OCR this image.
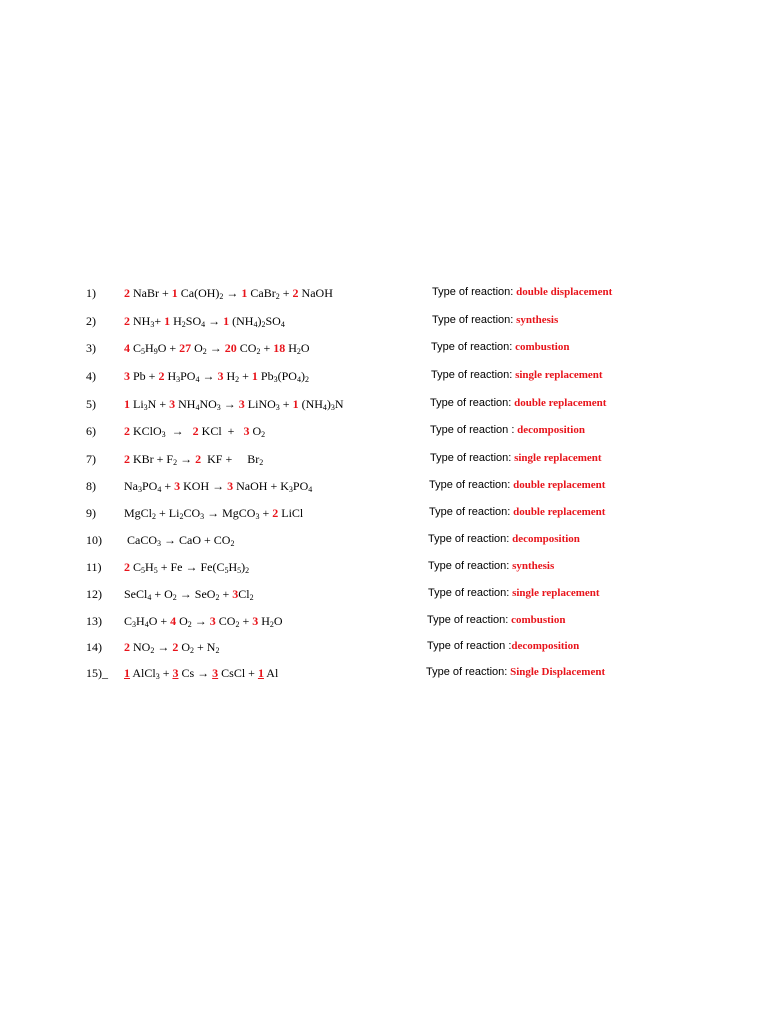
1) 2 NaBr + 1 $Ca(OH)_2 \to 1$ CaBr$_2$ + 2 NaOH	Type of reaction: double displacement
2) 2 $NH_3+ 1$ $H_2SO_4 \to 1$ $(NH_4)_2SO_4$	Type of reaction: synthesis
3) 4 $C_5H_9O + 27$ $O_2 \to 20$ $CO_2 + 18$ $H_2O$	Type of reaction: combustion
4) 3 Pb + 2 $H_3PO_4 \to 3$ $H_2 + 1$ $Pb_3(PO_4)_2$	Type of reaction: single replacement
5) 1 $Li_3N + 3$ $NH_4NO_3 \to 3$ LiNO$_3$ + 1 $(NH_4)_3N$	Type of reaction: double replacement
6) 2 KClO$_3$  →   2 KCl  +   3 $O_2$	Type of reaction : decomposition
7) 2 KBr + $F_2 \to 2$  KF +     $Br_2$	Type of reaction: single replacement
8) $Na_3PO_4 + 3$ KOH → 3 NaOH + $K_3PO_4$	Type of reaction: double replacement
9) MgCl$_2$ + $Li_2CO_3$ → MgCO$_3$ + 2 LiCl	Type of reaction: double replacement
10) CaCO$_3$ → CaO + $CO_2$	Type of reaction: decomposition
11) 2 $C_5H_5 + Fe \to Fe(C_5H_5)_2$	Type of reaction: synthesis
12) SeCl$_4$ + $O_2 \to SeO_2 + 3Cl_2$	Type of reaction: single replacement
13) $C_3H_4O + 4$ $O_2 \to 3$ $CO_2 + 3$ $H_2O$	Type of reaction: combustion
14) 2 $NO_2 \to 2$ $O_2 + N_2$	Type of reaction :decomposition
15)_ 1 AlCl$_3$ + 3 Cs → 3 CsCl + 1 Al	Type of reaction: Single Displacement
